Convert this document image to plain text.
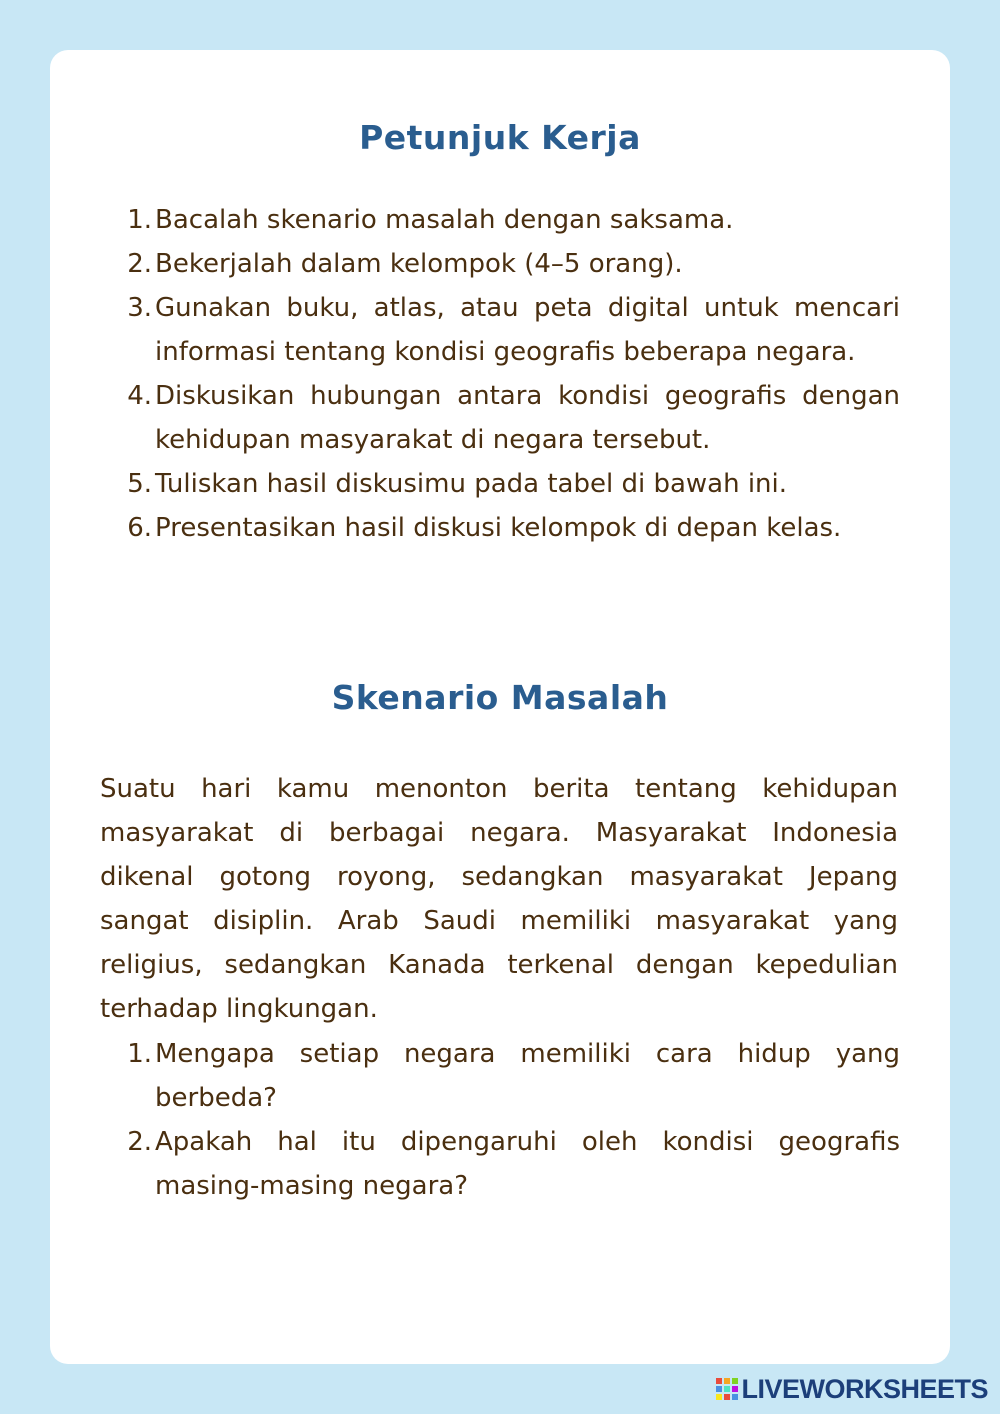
Petunjuk Kerja
1. Bacalah skenario masalah dengan saksama.
2. Bekerjalah dalam kelompok (4–5 orang).
3. Gunakan buku, atlas, atau peta digital untuk mencari informasi tentang kondisi geografis beberapa negara.
4. Diskusikan hubungan antara kondisi geografis dengan kehidupan masyarakat di negara tersebut.
5. Tuliskan hasil diskusimu pada tabel di bawah ini.
6. Presentasikan hasil diskusi kelompok di depan kelas.
Skenario Masalah

Suatu hari kamu menonton berita tentang kehidupan masyarakat di berbagai negara. Masyarakat Indonesia dikenal gotong royong, sedangkan masyarakat Jepang sangat disiplin. Arab Saudi memiliki masyarakat yang religius, sedangkan Kanada terkenal dengan kepedulian terhadap lingkungan.

1. Mengapa setiap negara memiliki cara hidup yang berbeda?
2. Apakah hal itu dipengaruhi oleh kondisi geografis masing-masing negara?
LIVEWORKSHEETS
